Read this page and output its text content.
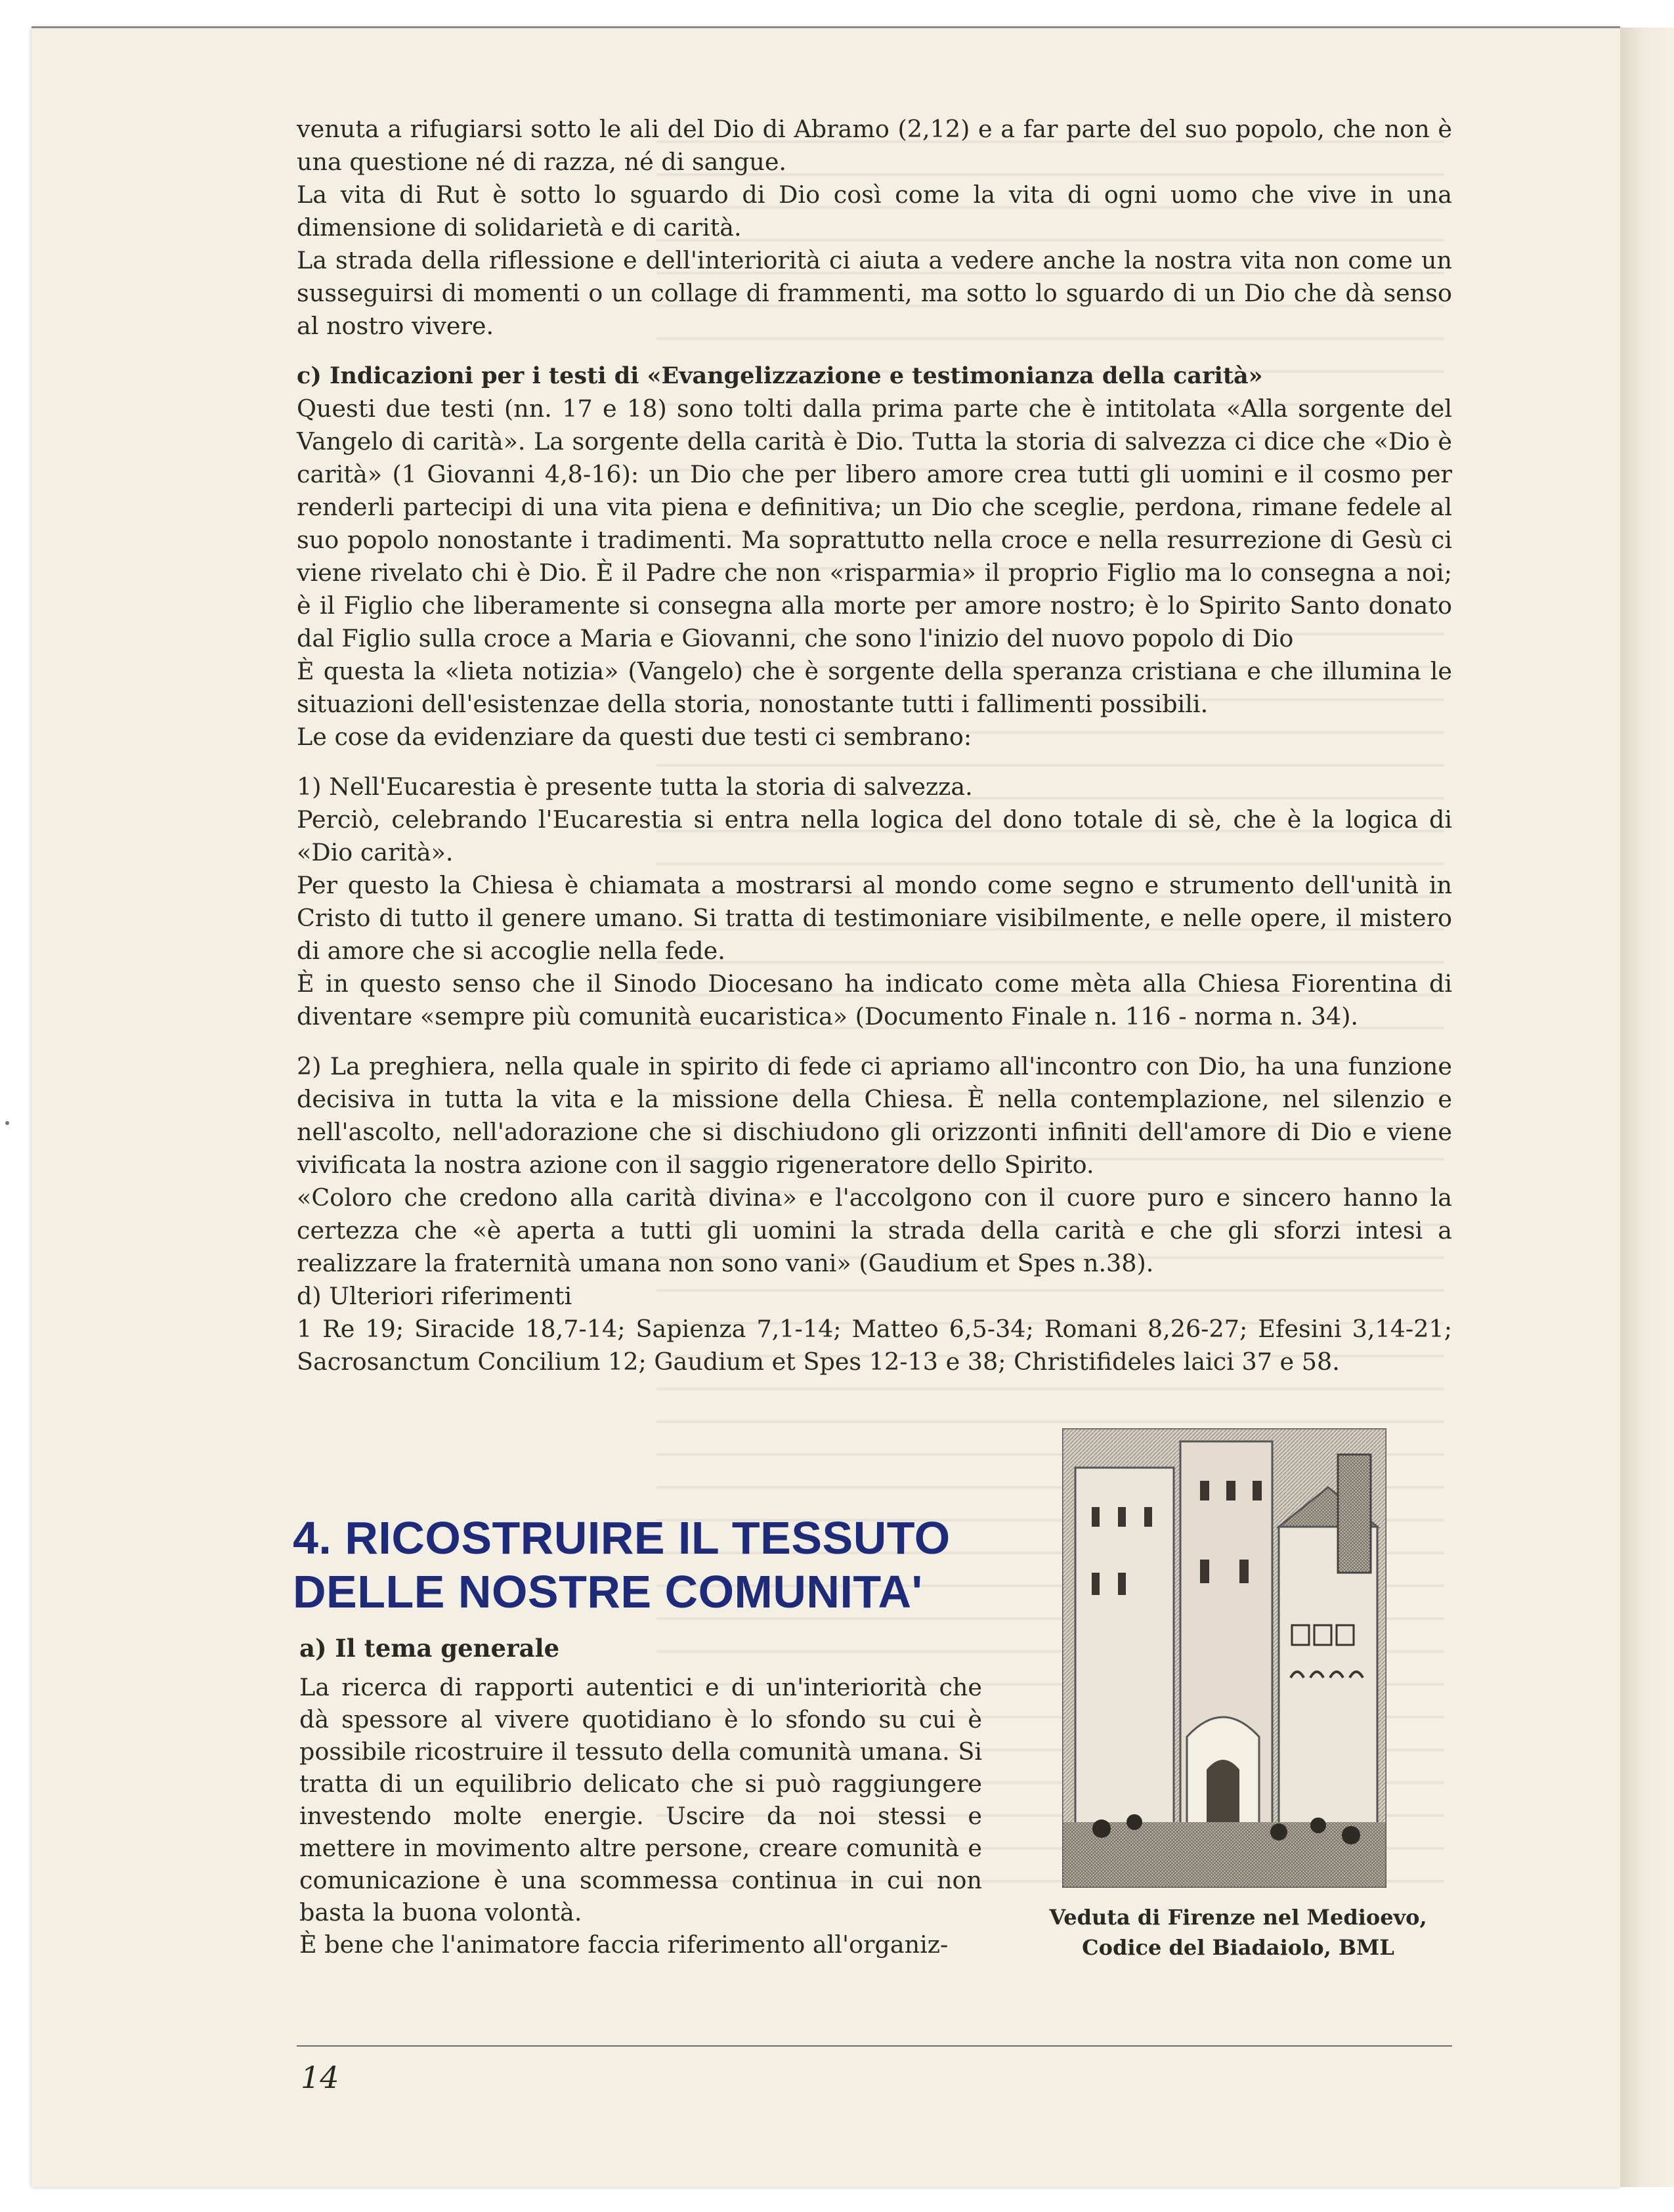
venuta a rifugiarsi sotto le ali del Dio di Abramo (2,12) e a far parte del suo popolo, che non è una questione né di razza, né di sangue.

La vita di Rut è sotto lo sguardo di Dio così come la vita di ogni uomo che vive in una dimensione di solidarietà e di carità.

La strada della riflessione e dell'interiorità ci aiuta a vedere anche la nostra vita non come un susseguirsi di momenti o un collage di frammenti, ma sotto lo sguardo di un Dio che dà senso al nostro vivere.

c) Indicazioni per i testi di «Evangelizzazione e testimonianza della carità»

Questi due testi (nn. 17 e 18) sono tolti dalla prima parte che è intitolata «Alla sorgente del Vangelo di carità». La sorgente della carità è Dio. Tutta la storia di salvezza ci dice che «Dio è carità» (1 Giovanni 4,8-16): un Dio che per libero amore crea tutti gli uomini e il cosmo per renderli partecipi di una vita piena e definitiva; un Dio che sceglie, perdona, rimane fedele al suo popolo nonostante i tradimenti. Ma soprattutto nella croce e nella resurrezione di Gesù ci viene rivelato chi è Dio. È il Padre che non «risparmia» il proprio Figlio ma lo consegna a noi; è il Figlio che liberamente si consegna alla morte per amore nostro; è lo Spirito Santo donato dal Figlio sulla croce a Maria e Giovanni, che sono l'inizio del nuovo popolo di Dio

È questa la «lieta notizia» (Vangelo) che è sorgente della speranza cristiana e che illumina le situazioni dell'esistenzae della storia, nonostante tutti i fallimenti possibili.

Le cose da evidenziare da questi due testi ci sembrano:

1) Nell'Eucarestia è presente tutta la storia di salvezza.

Perciò, celebrando l'Eucarestia si entra nella logica del dono totale di sè, che è la logica di «Dio carità».

Per questo la Chiesa è chiamata a mostrarsi al mondo come segno e strumento dell'unità in Cristo di tutto il genere umano. Si tratta di testimoniare visibilmente, e nelle opere, il mistero di amore che si accoglie nella fede.

È in questo senso che il Sinodo Diocesano ha indicato come mèta alla Chiesa Fiorentina di diventare «sempre più comunità eucaristica» (Documento Finale n. 116 - norma n. 34).

2) La preghiera, nella quale in spirito di fede ci apriamo all'incontro con Dio, ha una funzione decisiva in tutta la vita e la missione della Chiesa. È nella contemplazione, nel silenzio e nell'ascolto, nell'adorazione che si dischiudono gli orizzonti infiniti dell'amore di Dio e viene vivificata la nostra azione con il saggio rigeneratore dello Spirito.

«Coloro che credono alla carità divina» e l'accolgono con il cuore puro e sincero hanno la certezza che «è aperta a tutti gli uomini la strada della carità e che gli sforzi intesi a realizzare la fraternità umana non sono vani» (Gaudium et Spes n.38).

d) Ulteriori riferimenti

1 Re 19; Siracide 18,7-14; Sapienza 7,1-14; Matteo 6,5-34; Romani 8,26-27; Efesini 3,14-21; Sacrosanctum Concilium 12; Gaudium et Spes 12-13 e 38; Christifideles laici 37 e 58.

4. RICOSTRUIRE IL TESSUTO
DELLE NOSTRE COMUNITA'
a) Il tema generale

La ricerca di rapporti autentici e di un'interiorità che dà spessore al vivere quotidiano è lo sfondo su cui è possibile ricostruire il tessuto della comunità umana. Si tratta di un equilibrio delicato che si può raggiungere investendo molte energie. Uscire da noi stessi e mettere in movimento altre persone, creare comunità e comunicazione è una scommessa continua in cui non basta la buona volontà.

È bene che l'animatore faccia riferimento all'organiz-

Veduta di Firenze nel Medioevo,
Codice del Biadaiolo, BML
14
